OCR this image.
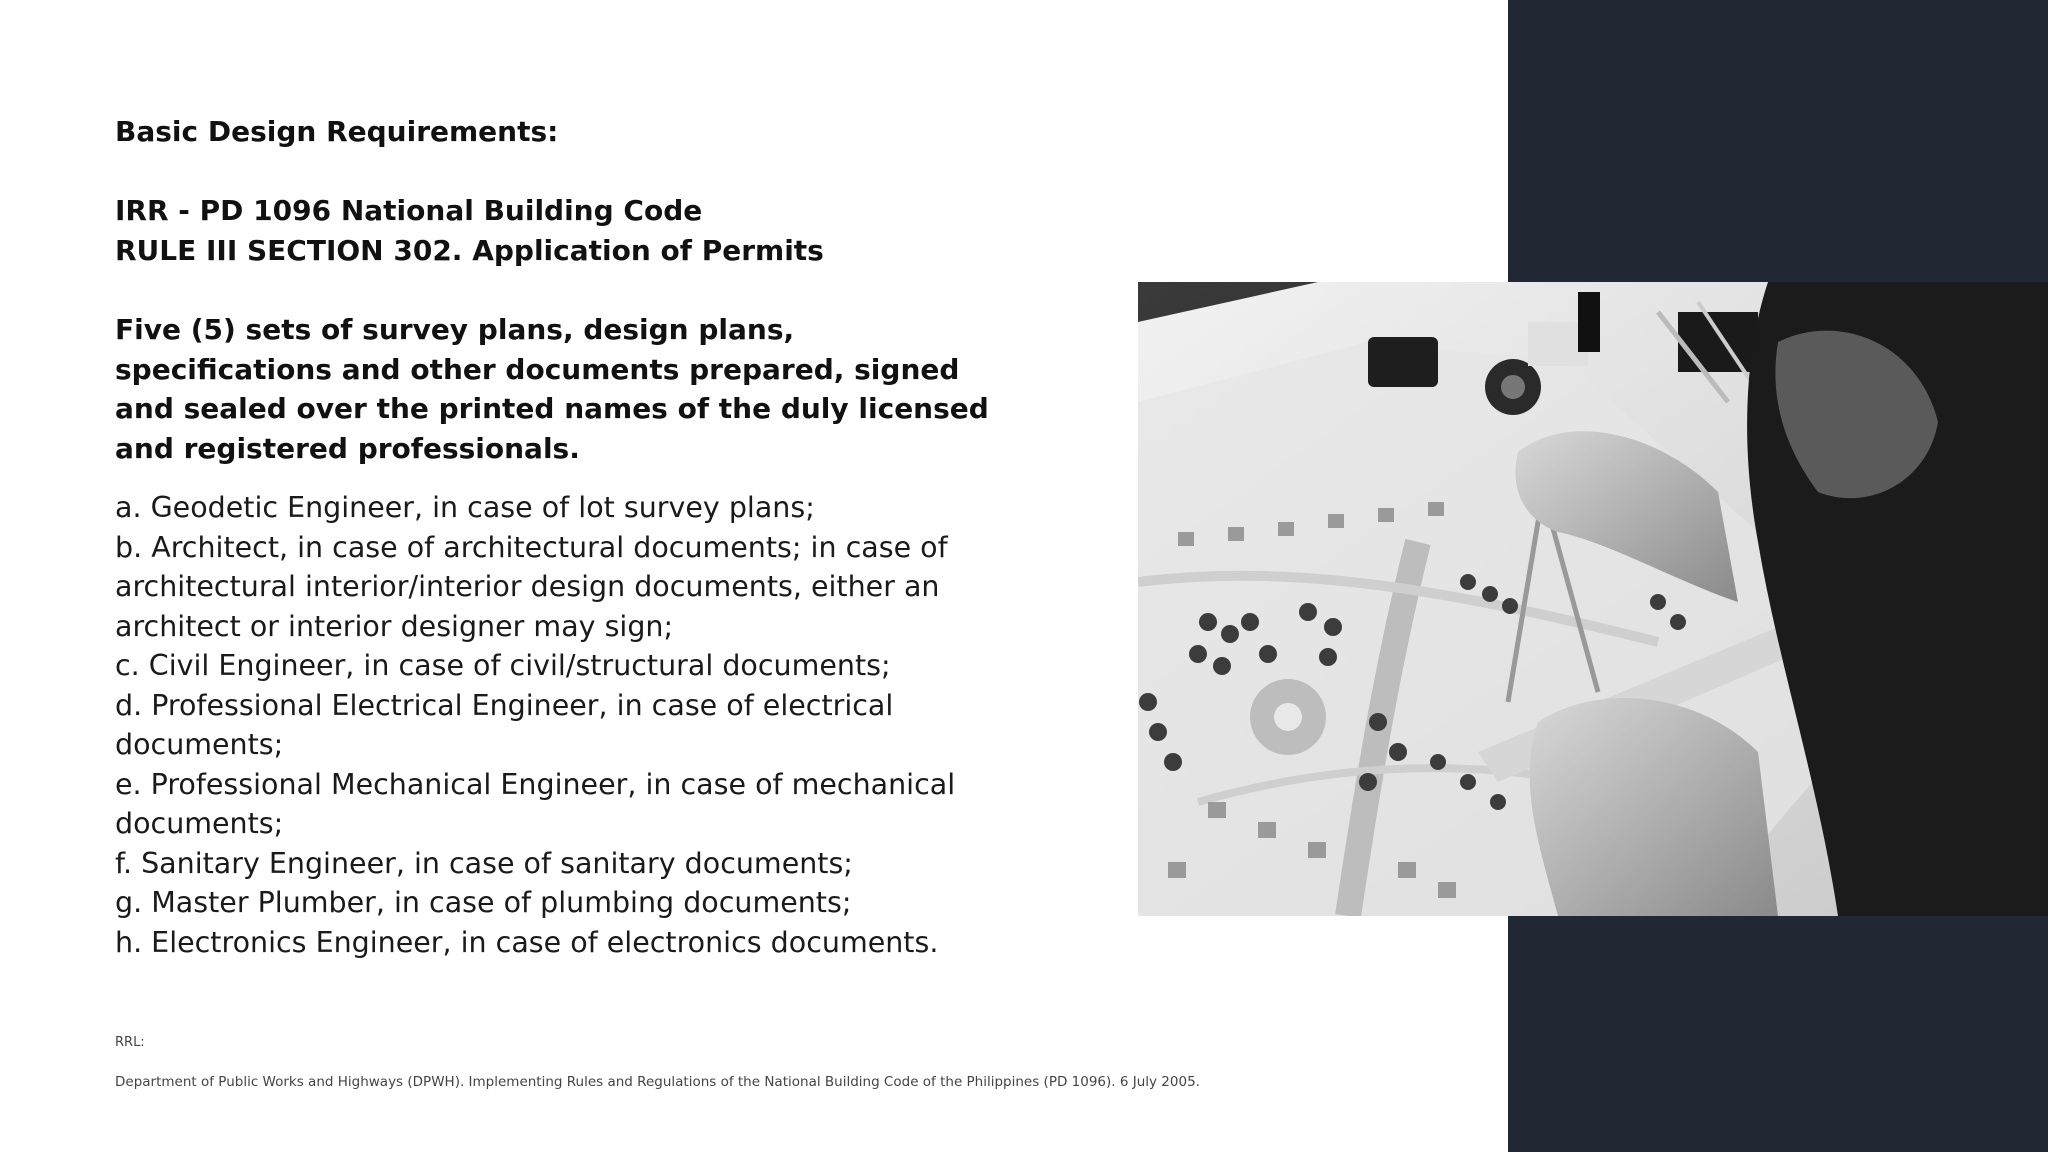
Basic Design Requirements:

IRR - PD 1096 National Building Code

RULE III SECTION 302. Application of Permits

Five (5) sets of survey plans, design plans, specifications and other documents prepared, signed and sealed over the printed names of the duly licensed and registered professionals.

a. Geodetic Engineer, in case of lot survey plans;
b. Architect, in case of architectural documents; in case of architectural interior/interior design documents, either an architect or interior designer may sign;
c. Civil Engineer, in case of civil/structural documents;
d. Professional Electrical Engineer, in case of electrical documents;
e. Professional Mechanical Engineer, in case of mechanical documents;
f. Sanitary Engineer, in case of sanitary documents;
g. Master Plumber, in case of plumbing documents;
h. Electronics Engineer, in case of electronics documents.
RRL:
Department of Public Works and Highways (DPWH). Implementing Rules and Regulations of the National Building Code of the Philippines (PD 1096). 6 July 2005.
